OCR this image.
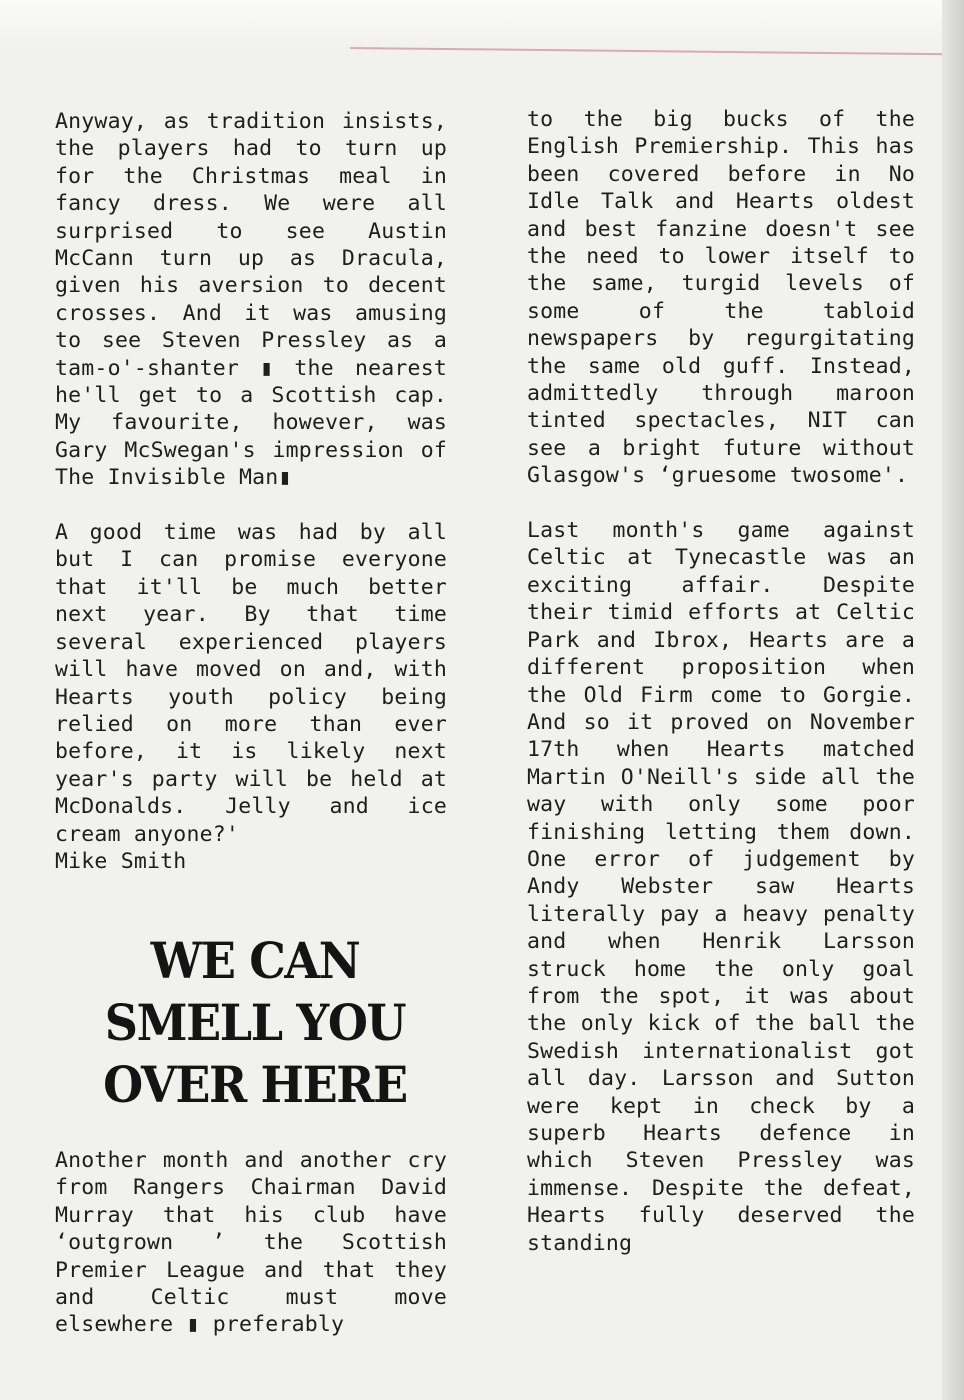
Anyway, as tradition insists, the players had to turn up for the Christmas meal in fancy dress. We were all surprised to see Austin McCann turn up as Dracula, given his aversion to decent crosses. And it was amusing to see Steven Pressley as a tam-o'-shanter ▮ the nearest he'll get to a Scottish cap. My favourite, however, was Gary McSwegan's impression of The Invisible Man▮

A good time was had by all but I can promise everyone that it'll be much better next year. By that time several experienced players will have moved on and, with Hearts youth policy being relied on more than ever before, it is likely next year's party will be held at McDonalds. Jelly and ice cream anyone?'

Mike Smith

WE CAN
SMELL YOU
OVER HERE

Another month and another cry from Rangers Chairman David Murray that his club have ‘outgrown ’ the Scottish Premier League and that they and Celtic must move elsewhere ▮ preferably

to the big bucks of the English Premiership. This has been covered before in No Idle Talk and Hearts oldest and best fanzine doesn't see the need to lower itself to the same, turgid levels of some of the tabloid newspapers by regurgitating the same old guff. Instead, admittedly through maroon tinted spectacles, NIT can see a bright future without Glasgow's ‘gruesome twosome'.

Last month's game against Celtic at Tynecastle was an exciting affair. Despite their timid efforts at Celtic Park and Ibrox, Hearts are a different proposition when the Old Firm come to Gorgie. And so it proved on November 17th when Hearts matched Martin O'Neill's side all the way with only some poor finishing letting them down. One error of judgement by Andy Webster saw Hearts literally pay a heavy penalty and when Henrik Larsson struck home the only goal from the spot, it was about the only kick of the ball the Swedish internationalist got all day. Larsson and Sutton were kept in check by a superb Hearts defence in which Steven Pressley was immense. Despite the defeat, Hearts fully deserved the standing
